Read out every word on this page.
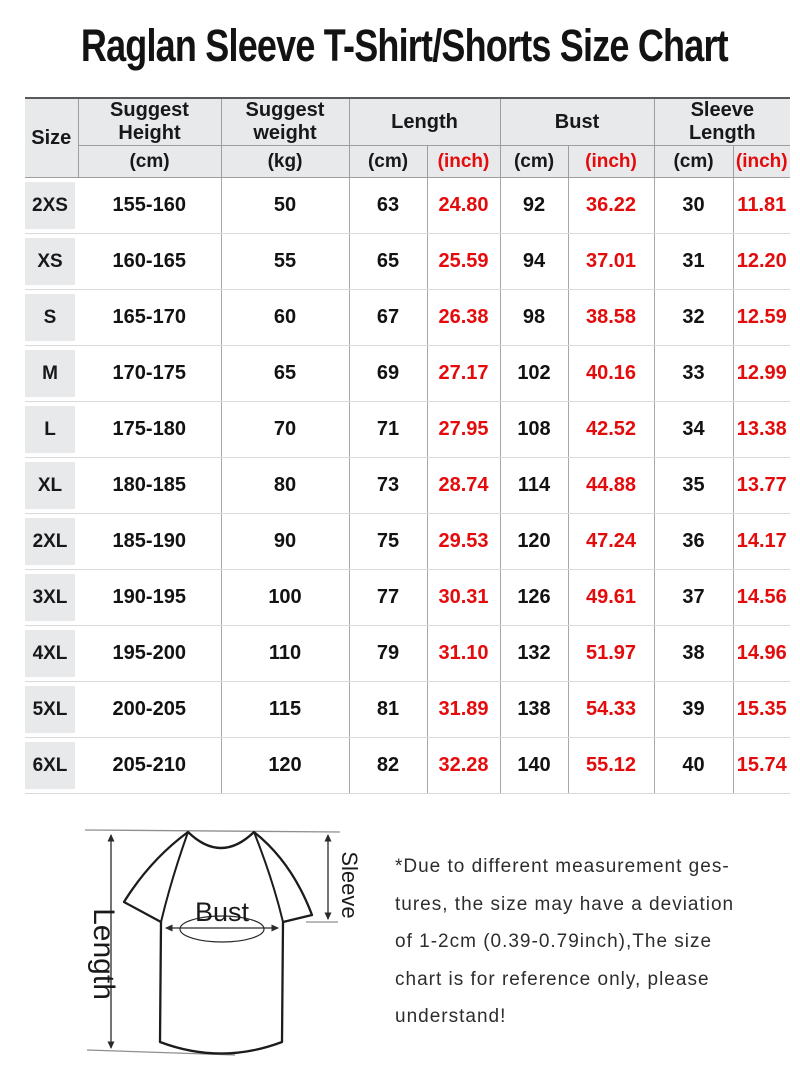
Raglan Sleeve T-Shirt/Shorts Size Chart
Size	Suggest Height	Suggest weight	Length		Bust		Sleeve Length	
	(cm)	(kg)	(cm)	(inch)	(cm)	(inch)	(cm)	(inch)

2XS	155-160	50	63	24.80	92	36.22	30	11.81

XS	160-165	55	65	25.59	94	37.01	31	12.20

S	165-170	60	67	26.38	98	38.58	32	12.59

M	170-175	65	69	27.17	102	40.16	33	12.99

L	175-180	70	71	27.95	108	42.52	34	13.38

XL	180-185	80	73	28.74	114	44.88	35	13.77

2XL	185-190	90	75	29.53	120	47.24	36	14.17

3XL	190-195	100	77	30.31	126	49.61	37	14.56

4XL	195-200	110	79	31.10	132	51.97	38	14.96

5XL	200-205	115	81	31.89	138	54.33	39	15.35

6XL	205-210	120	82	32.28	140	55.12	40	15.74
Bust
Length
Sleeve *Due to different measurement ges-
tures, the size may have a deviation
of 1-2cm (0.39-0.79inch),The size
chart is for reference only, please
understand!
